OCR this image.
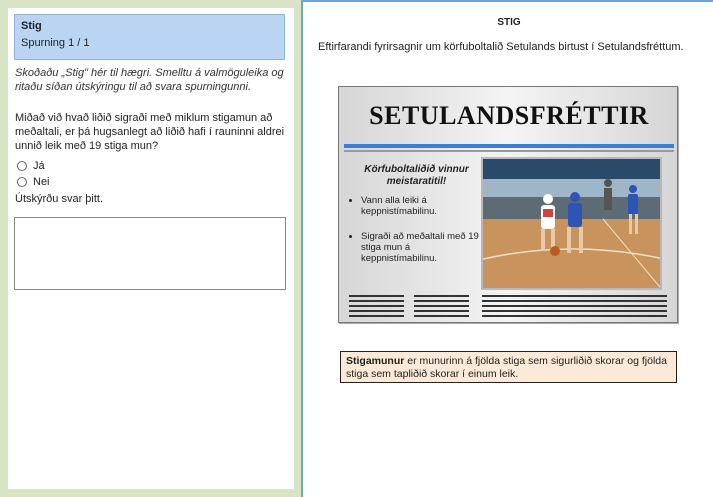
Stig
Spurning 1 / 1
Skoðaðu „Stig" hér til hægri. Smelltu á valmöguleika og ritaðu síðan útskýringu til að svara spurningunni.
Miðað við hvað liðið sigraði með miklum stigamun að meðaltali, er þá hugsanlegt að liðið hafi í rauninni aldrei unnið leik með 19 stiga mun?
Já
Nei
Útskýrðu svar þitt.
STIG
Eftirfarandi fyrirsagnir um körfuboltalið Setulands birtust í Setulandsfréttum.
SETULANDSFRÉTTIR
Körfuboltaliðið vinnur meistaratitil!
• Vann alla leiki á keppnistímabilinu.
• Sigraði að meðaltali með 19 stiga mun á keppnistímabilinu.
Stigamunur er munurinn á fjölda stiga sem sigurliðið skorar og fjölda stiga sem tapliðið skorar í einum leik.
